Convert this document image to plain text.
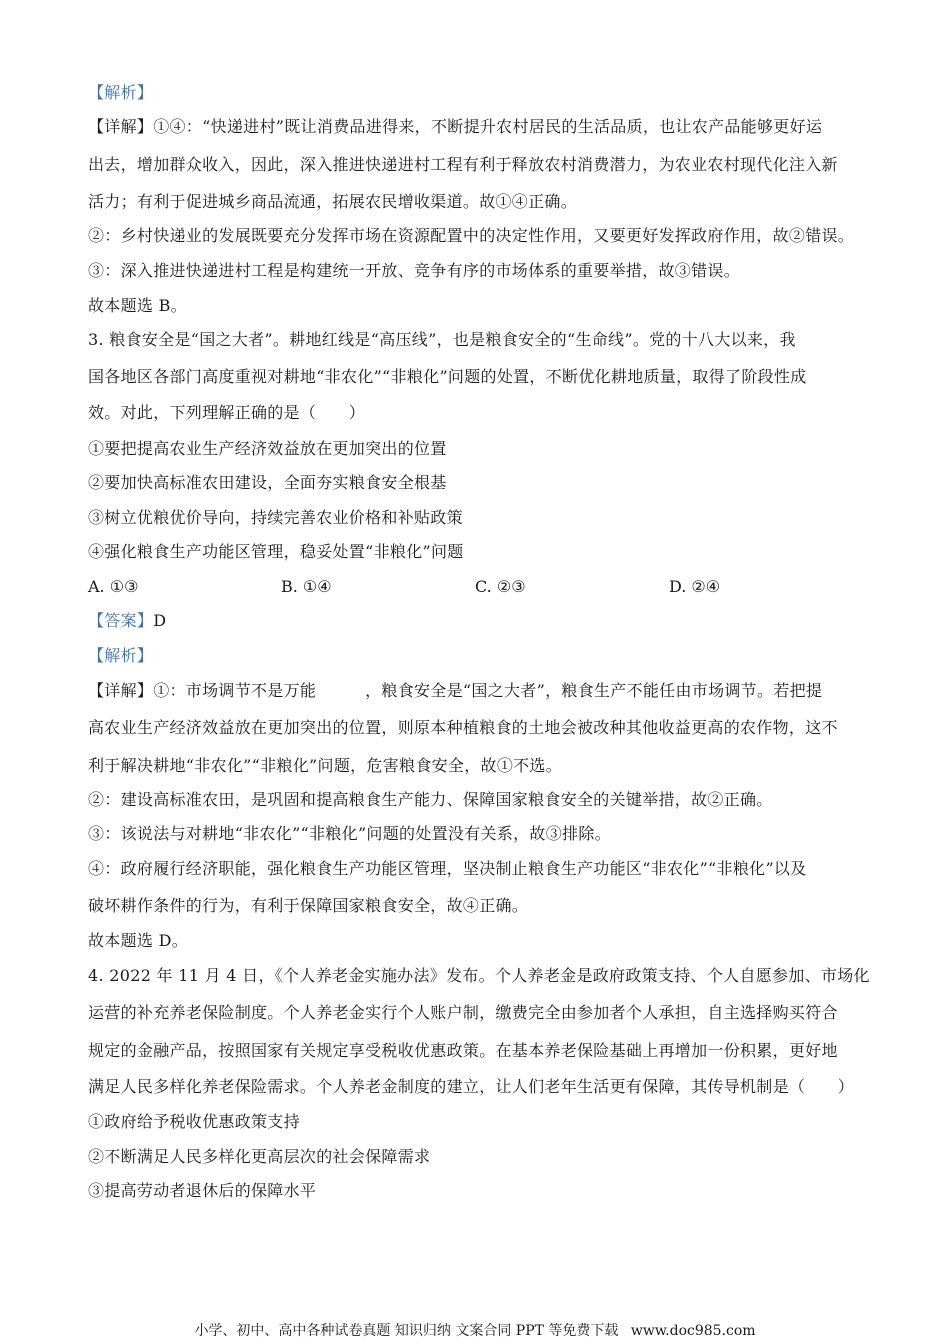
【解析】
【详解】①④：“快递进村”既让消费品进得来，不断提升农村居民的生活品质，也让农产品能够更好运
出去，增加群众收入，因此，深入推进快递进村工程有利于释放农村消费潜力，为农业农村现代化注入新
活力；有利于促进城乡商品流通，拓展农民增收渠道。故①④正确。
②：乡村快递业的发展既要充分发挥市场在资源配置中的决定性作用，又要更好发挥政府作用，故②错误。
③：深入推进快递进村工程是构建统一开放、竞争有序的市场体系的重要举措，故③错误。
故本题选 B。
3. 粮食安全是“国之大者”。耕地红线是“高压线”，也是粮食安全的“生命线”。党的十八大以来，我
国各地区各部门高度重视对耕地“非农化”“非粮化”问题的处置，不断优化耕地质量，取得了阶段性成
效。对此，下列理解正确的是（　　）
①要把提高农业生产经济效益放在更加突出的位置
②要加快高标准农田建设，全面夯实粮食安全根基
③树立优粮优价导向，持续完善农业价格和补贴政策
④强化粮食生产功能区管理，稳妥处置“非粮化”问题
A. ①③	B. ①④	C. ②③	D. ②④
【答案】D
【解析】
【详解】①：市场调节不是万能　　　，粮食安全是“国之大者”，粮食生产不能任由市场调节。若把提
高农业生产经济效益放在更加突出的位置，则原本种植粮食的土地会被改种其他收益更高的农作物，这不
利于解决耕地“非农化”“非粮化”问题，危害粮食安全，故①不选。
②：建设高标准农田，是巩固和提高粮食生产能力、保障国家粮食安全的关键举措，故②正确。
③：该说法与对耕地“非农化”“非粮化”问题的处置没有关系，故③排除。
④：政府履行经济职能，强化粮食生产功能区管理，坚决制止粮食生产功能区“非农化”“非粮化”以及
破坏耕作条件的行为，有利于保障国家粮食安全，故④正确。
故本题选 D。
4. 2022 年 11 月 4 日，《个人养老金实施办法》发布。个人养老金是政府政策支持、个人自愿参加、市场化
运营的补充养老保险制度。个人养老金实行个人账户制，缴费完全由参加者个人承担，自主选择购买符合
规定的金融产品，按照国家有关规定享受税收优惠政策。在基本养老保险基础上再增加一份积累，更好地
满足人民多样化养老保险需求。个人养老金制度的建立，让人们老年生活更有保障，其传导机制是（　　）
①政府给予税收优惠政策支持
②不断满足人民多样化更高层次的社会保障需求
③提高劳动者退休后的保障水平
小学、初中、高中各种试卷真题 知识归纳 文案合同 PPT 等免费下载 www.doc985.com
